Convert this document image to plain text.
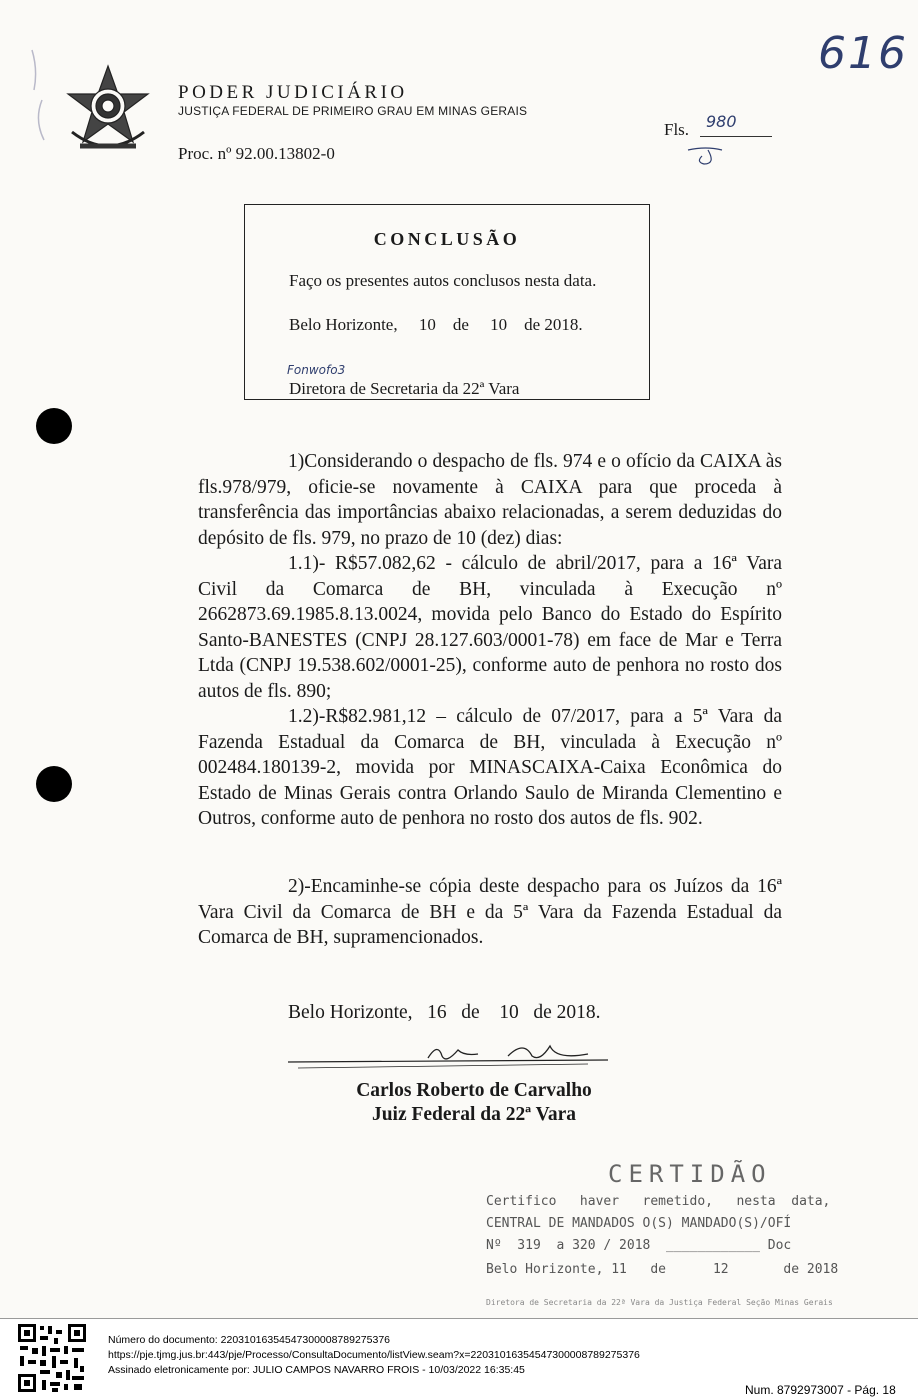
PODER JUDICIÁRIO
JUSTIÇA FEDERAL DE PRIMEIRO GRAU EM MINAS GERAIS
Proc. nº 92.00.13802-0
Fls.
616
980
CONCLUSÃO
Faço os presentes autos conclusos nesta data.
Belo Horizonte,     10    de     10    de 2018.
Diretora de Secretaria da 22ª Vara
Fonwofo3
1)Considerando o despacho de fls. 974 e o ofício da CAIXA às fls.978/979, oficie-se novamente à CAIXA para que proceda à transferência das importâncias abaixo relacionadas, a serem deduzidas do depósito de fls. 979, no prazo de 10 (dez) dias:
1.1)- R$57.082,62 - cálculo de abril/2017, para a 16ª Vara Civil da Comarca de BH, vinculada à Execução nº 2662873.69.1985.8.13.0024, movida pelo Banco do Estado do Espírito Santo-BANESTES (CNPJ 28.127.603/0001-78) em face de Mar e Terra Ltda (CNPJ 19.538.602/0001-25), conforme auto de penhora no rosto dos autos de fls. 890;
1.2)-R$82.981,12 – cálculo de 07/2017, para a 5ª Vara da Fazenda Estadual da Comarca de BH, vinculada à Execução nº 002484.180139-2, movida por MINASCAIXA-Caixa Econômica do Estado de Minas Gerais contra Orlando Saulo de Miranda Clementino e Outros, conforme auto de penhora no rosto dos autos de fls. 902.
2)-Encaminhe-se cópia deste despacho para os Juízos da 16ª Vara Civil da Comarca de BH e da 5ª Vara da Fazenda Estadual da Comarca de BH, supramencionados.
Belo Horizonte,   16   de    10   de 2018.
Carlos Roberto de Carvalho
Juiz Federal da 22ª Vara
CERTIDÃO
Certifico   haver   remetido,   nesta  data,
CENTRAL DE MANDADOS O(S) MANDADO(S)/OFÍ
Nº  319  a 320 / 2018  ____________ Doc
Belo Horizonte, 11   de      12       de 2018
Diretora de Secretaria da 22ª Vara da Justiça Federal Seção Minas Gerais
Número do documento: 22031016354547300008789275376
https://pje.tjmg.jus.br:443/pje/Processo/ConsultaDocumento/listView.seam?x=22031016354547300008789275376
Assinado eletronicamente por: JULIO CAMPOS NAVARRO FROIS - 10/03/2022 16:35:45
Num. 8792973007 - Pág. 18
